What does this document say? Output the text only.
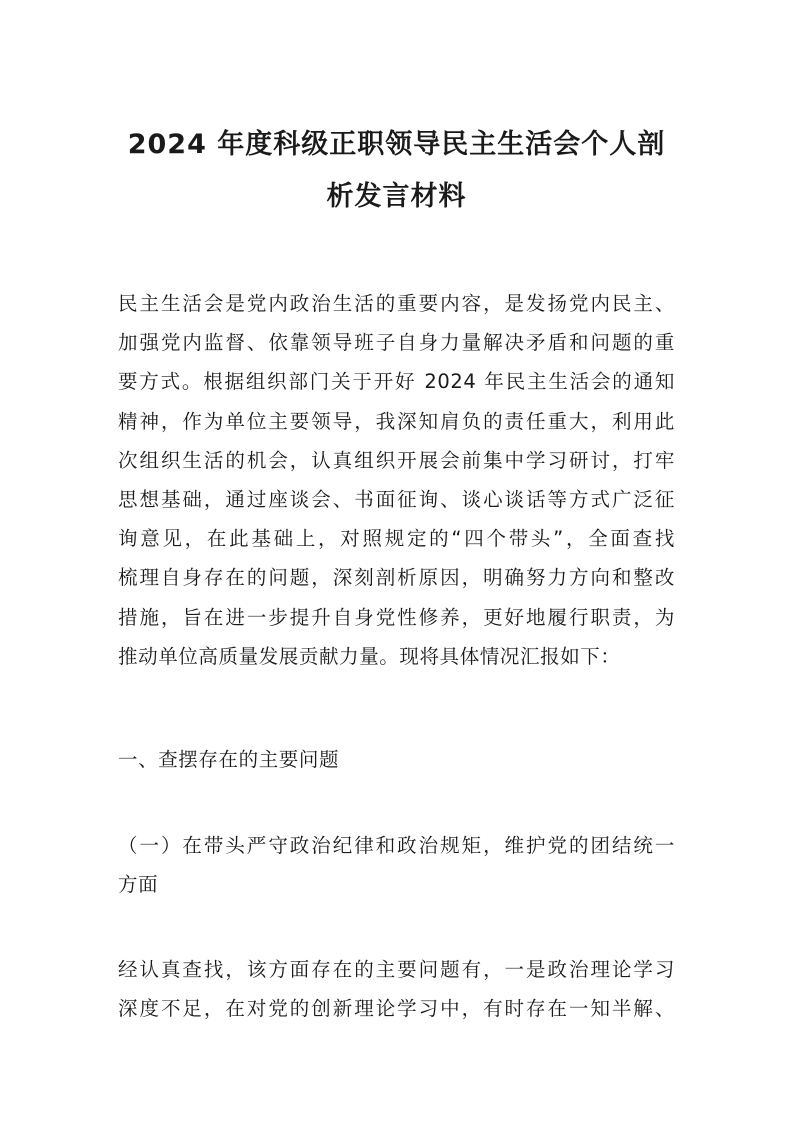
2024 年度科级正职领导民主生活会个人剖
析发言材料
民主生活会是党内政治生活的重要内容，是发扬党内民主、
加强党内监督、依靠领导班子自身力量解决矛盾和问题的重
要方式。根据组织部门关于开好 2024 年民主生活会的通知
精神，作为单位主要领导，我深知肩负的责任重大，利用此
次组织生活的机会，认真组织开展会前集中学习研讨，打牢
思想基础，通过座谈会、书面征询、谈心谈话等方式广泛征
询意见，在此基础上，对照规定的“四个带头”，全面查找
梳理自身存在的问题，深刻剖析原因，明确努力方向和整改
措施，旨在进一步提升自身党性修养，更好地履行职责，为
推动单位高质量发展贡献力量。现将具体情况汇报如下：
一、查摆存在的主要问题
（一）在带头严守政治纪律和政治规矩，维护党的团结统一
方面
经认真查找，该方面存在的主要问题有，一是政治理论学习
深度不足，在对党的创新理论学习中，有时存在一知半解、
